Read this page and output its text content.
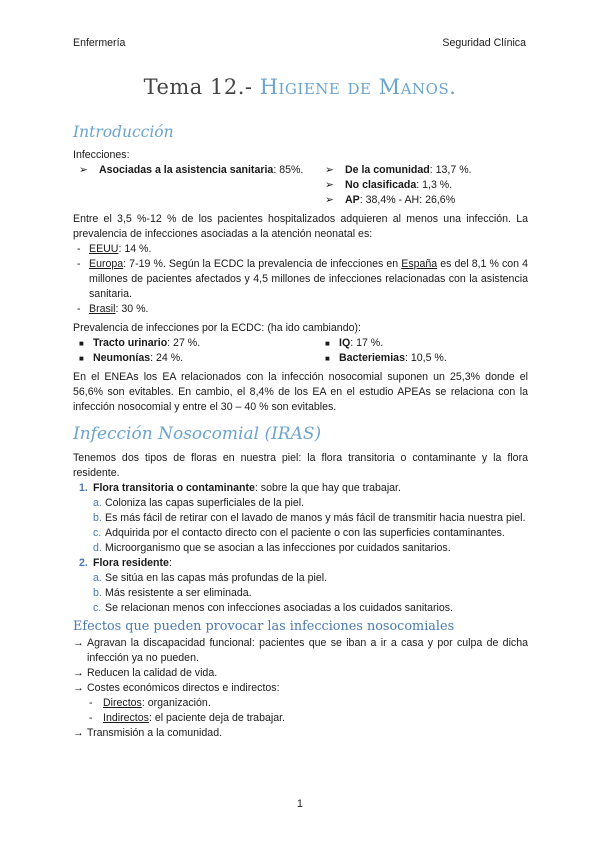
Enfermería	Seguridad Clínica
Tema 12.- Higiene de Manos.
Introducción

Infecciones:

➢	Asociadas a la asistencia sanitaria: 85%.	➢	De la comunidad: 13,7 %.
➢	No clasificada: 1,3 %.
➢	AP: 38,4% - AH: 26,6%

Entre el 3,5 %-12 % de los pacientes hospitalizados adquieren al menos una infección. La prevalencia de infecciones asociadas a la atención neonatal es:

- EEUU: 14 %.
- Europa: 7-19 %. Según la ECDC la prevalencia de infecciones en España es del 8,1 % con 4 millones de pacientes afectados y 4,5 millones de infecciones relacionadas con la asistencia sanitaria.
- Brasil: 30 %.

Prevalencia de infecciones por la ECDC: (ha ido cambiando):

■ Tracto urinario: 27 %.
■ Neumonías: 24 %.
■ IQ: 17 %.
■ Bacteriemias: 10,5 %.

En el ENEAs los EA relacionados con la infección nosocomial suponen un 25,3% donde el 56,6% son evitables. En cambio, el 8,4% de los EA en el estudio APEAs se relaciona con la infección nosocomial y entre el 30 – 40 % son evitables.

Infección Nosocomial (IRAS)

Tenemos dos tipos de floras en nuestra piel: la flora transitoria o contaminante y la flora residente.

1. Flora transitoria o contaminante: sobre la que hay que trabajar.
a. Coloniza las capas superficiales de la piel.
b. Es más fácil de retirar con el lavado de manos y más fácil de transmitir hacia nuestra piel.
c. Adquirida por el contacto directo con el paciente o con las superficies contaminantes.
d. Microorganismo que se asocian a las infecciones por cuidados sanitarios.
2. Flora residente:
a. Se sitúa en las capas más profundas de la piel.
b. Más resistente a ser eliminada.
c. Se relacionan menos con infecciones asociadas a los cuidados sanitarios.
Efectos que pueden provocar las infecciones nosocomiales
→ Agravan la discapacidad funcional: pacientes que se iban a ir a casa y por culpa de dicha infección ya no pueden.
→ Reducen la calidad de vida.
→ Costes económicos directos e indirectos:
- Directos: organización.
- Indirectos: el paciente deja de trabajar.
→ Transmisión a la comunidad.
1
